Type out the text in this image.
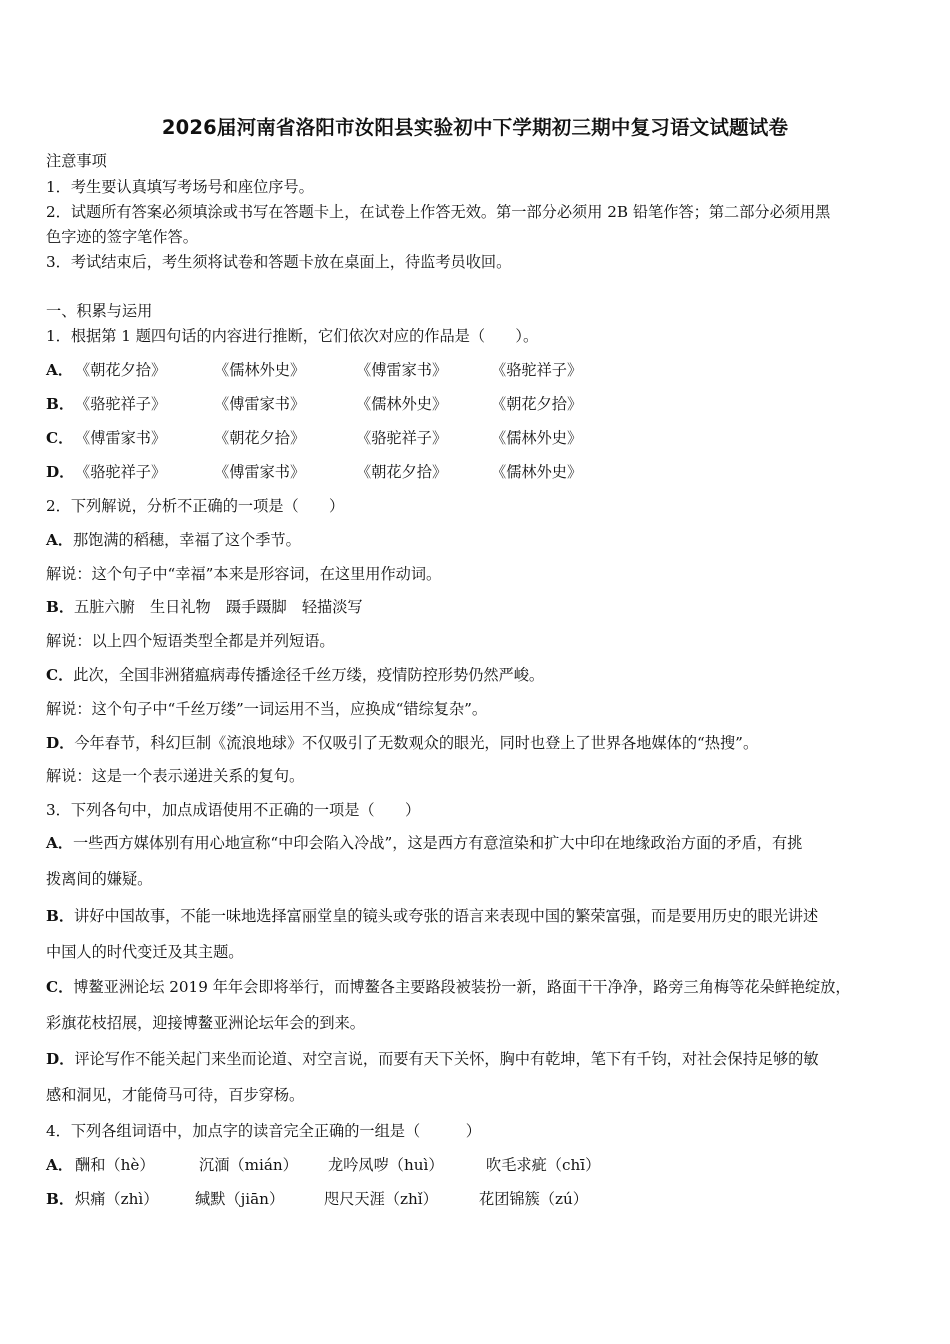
2026届河南省洛阳市汝阳县实验初中下学期初三期中复习语文试题试卷
注意事项
1．考生要认真填写考场号和座位序号。
2．试题所有答案必须填涂或书写在答题卡上，在试卷上作答无效。第一部分必须用 2B 铅笔作答；第二部分必须用黑
色字迹的签字笔作答。
3．考试结束后，考生须将试卷和答题卡放在桌面上，待监考员收回。
一、积累与运用
1．根据第 1 题四句话的内容进行推断，它们依次对应的作品是（　　）。
A． 《朝花夕拾》	《儒林外史》	《傅雷家书》	《骆驼祥子》
B． 《骆驼祥子》	《傅雷家书》	《儒林外史》	《朝花夕拾》
C． 《傅雷家书》	《朝花夕拾》	《骆驼祥子》	《儒林外史》
D． 《骆驼祥子》	《傅雷家书》	《朝花夕拾》	《儒林外史》
2．下列解说，分析不正确的一项是（　　）
A．那饱满的稻穗，幸福了这个季节。
解说：这个句子中“幸福”本来是形容词，在这里用作动词。
B．五脏六腑　生日礼物　蹑手蹑脚　轻描淡写
解说：以上四个短语类型全都是并列短语。
C．此次，全国非洲猪瘟病毒传播途径千丝万缕，疫情防控形势仍然严峻。
解说：这个句子中“千丝万缕”一词运用不当，应换成“错综复杂”。
D．今年春节，科幻巨制《流浪地球》不仅吸引了无数观众的眼光，同时也登上了世界各地媒体的“热搜”。
解说：这是一个表示递进关系的复句。
3．下列各句中，加点成语使用不正确的一项是（　　）
A．一些西方媒体别有用心地宣称“中印会陷入冷战”，这是西方有意渲染和扩大中印在地缘政治方面的矛盾，有挑
拨离间的嫌疑。
B．讲好中国故事，不能一味地选择富丽堂皇的镜头或夸张的语言来表现中国的繁荣富强，而是要用历史的眼光讲述
中国人的时代变迁及其主题。
C．博鳌亚洲论坛 2019 年年会即将举行，而博鳌各主要路段被装扮一新，路面干干净净，路旁三角梅等花朵鲜艳绽放，
彩旗花枝招展，迎接博鳌亚洲论坛年会的到来。
D．评论写作不能关起门来坐而论道、对空言说，而要有天下关怀，胸中有乾坤，笔下有千钧，对社会保持足够的敏
感和洞见，才能倚马可待，百步穿杨。
4．下列各组词语中，加点字的读音完全正确的一组是（　　　）
A． 酬和（hè）	沉湎（mián） 龙吟凤哕（huì）	吹毛求疵（chī）
B． 炽痛（zhì） 缄默（jiān）	咫尺天涯（zhǐ）	花团锦簇（zú）
